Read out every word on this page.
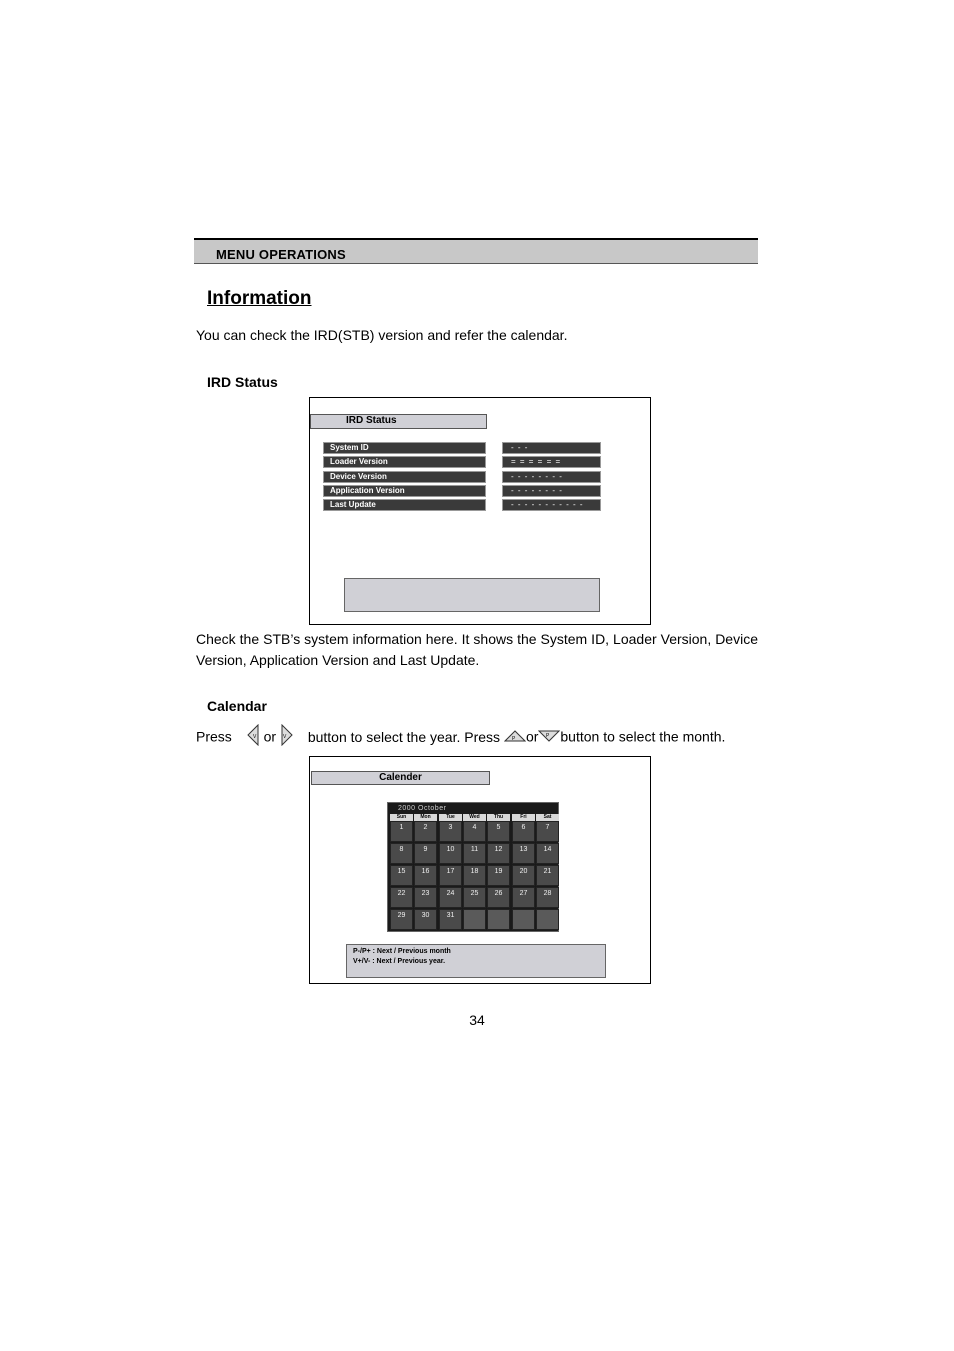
MENU OPERATIONS
Information
You can check the IRD(STB) version and refer the calendar.
IRD Status
IRD Status
System ID	- - -
Loader Version	= = = = = =
Device Version	- - - - - - - -
Application Version	- - - - - - - -
Last Update	- - - - - - - - - - -
Check the STB’s system information here. It shows the System ID, Loader Version, Device Version, Application Version and Last Update.
Calendar
Press	V or V button to select the year. Press P or P button to select the month.
Calender
P-/P+ : Next / Previous month
V+/V- : Next / Previous year.
2000 October
Sun	Mon	Tue	Wed	Thu	Fri	Sat
1	2	3	4	5	6	7
8	9	10	11	12	13	14
15	16	17	18	19	20	21
22	23	24	25	26	27	28
29	30	31
34
